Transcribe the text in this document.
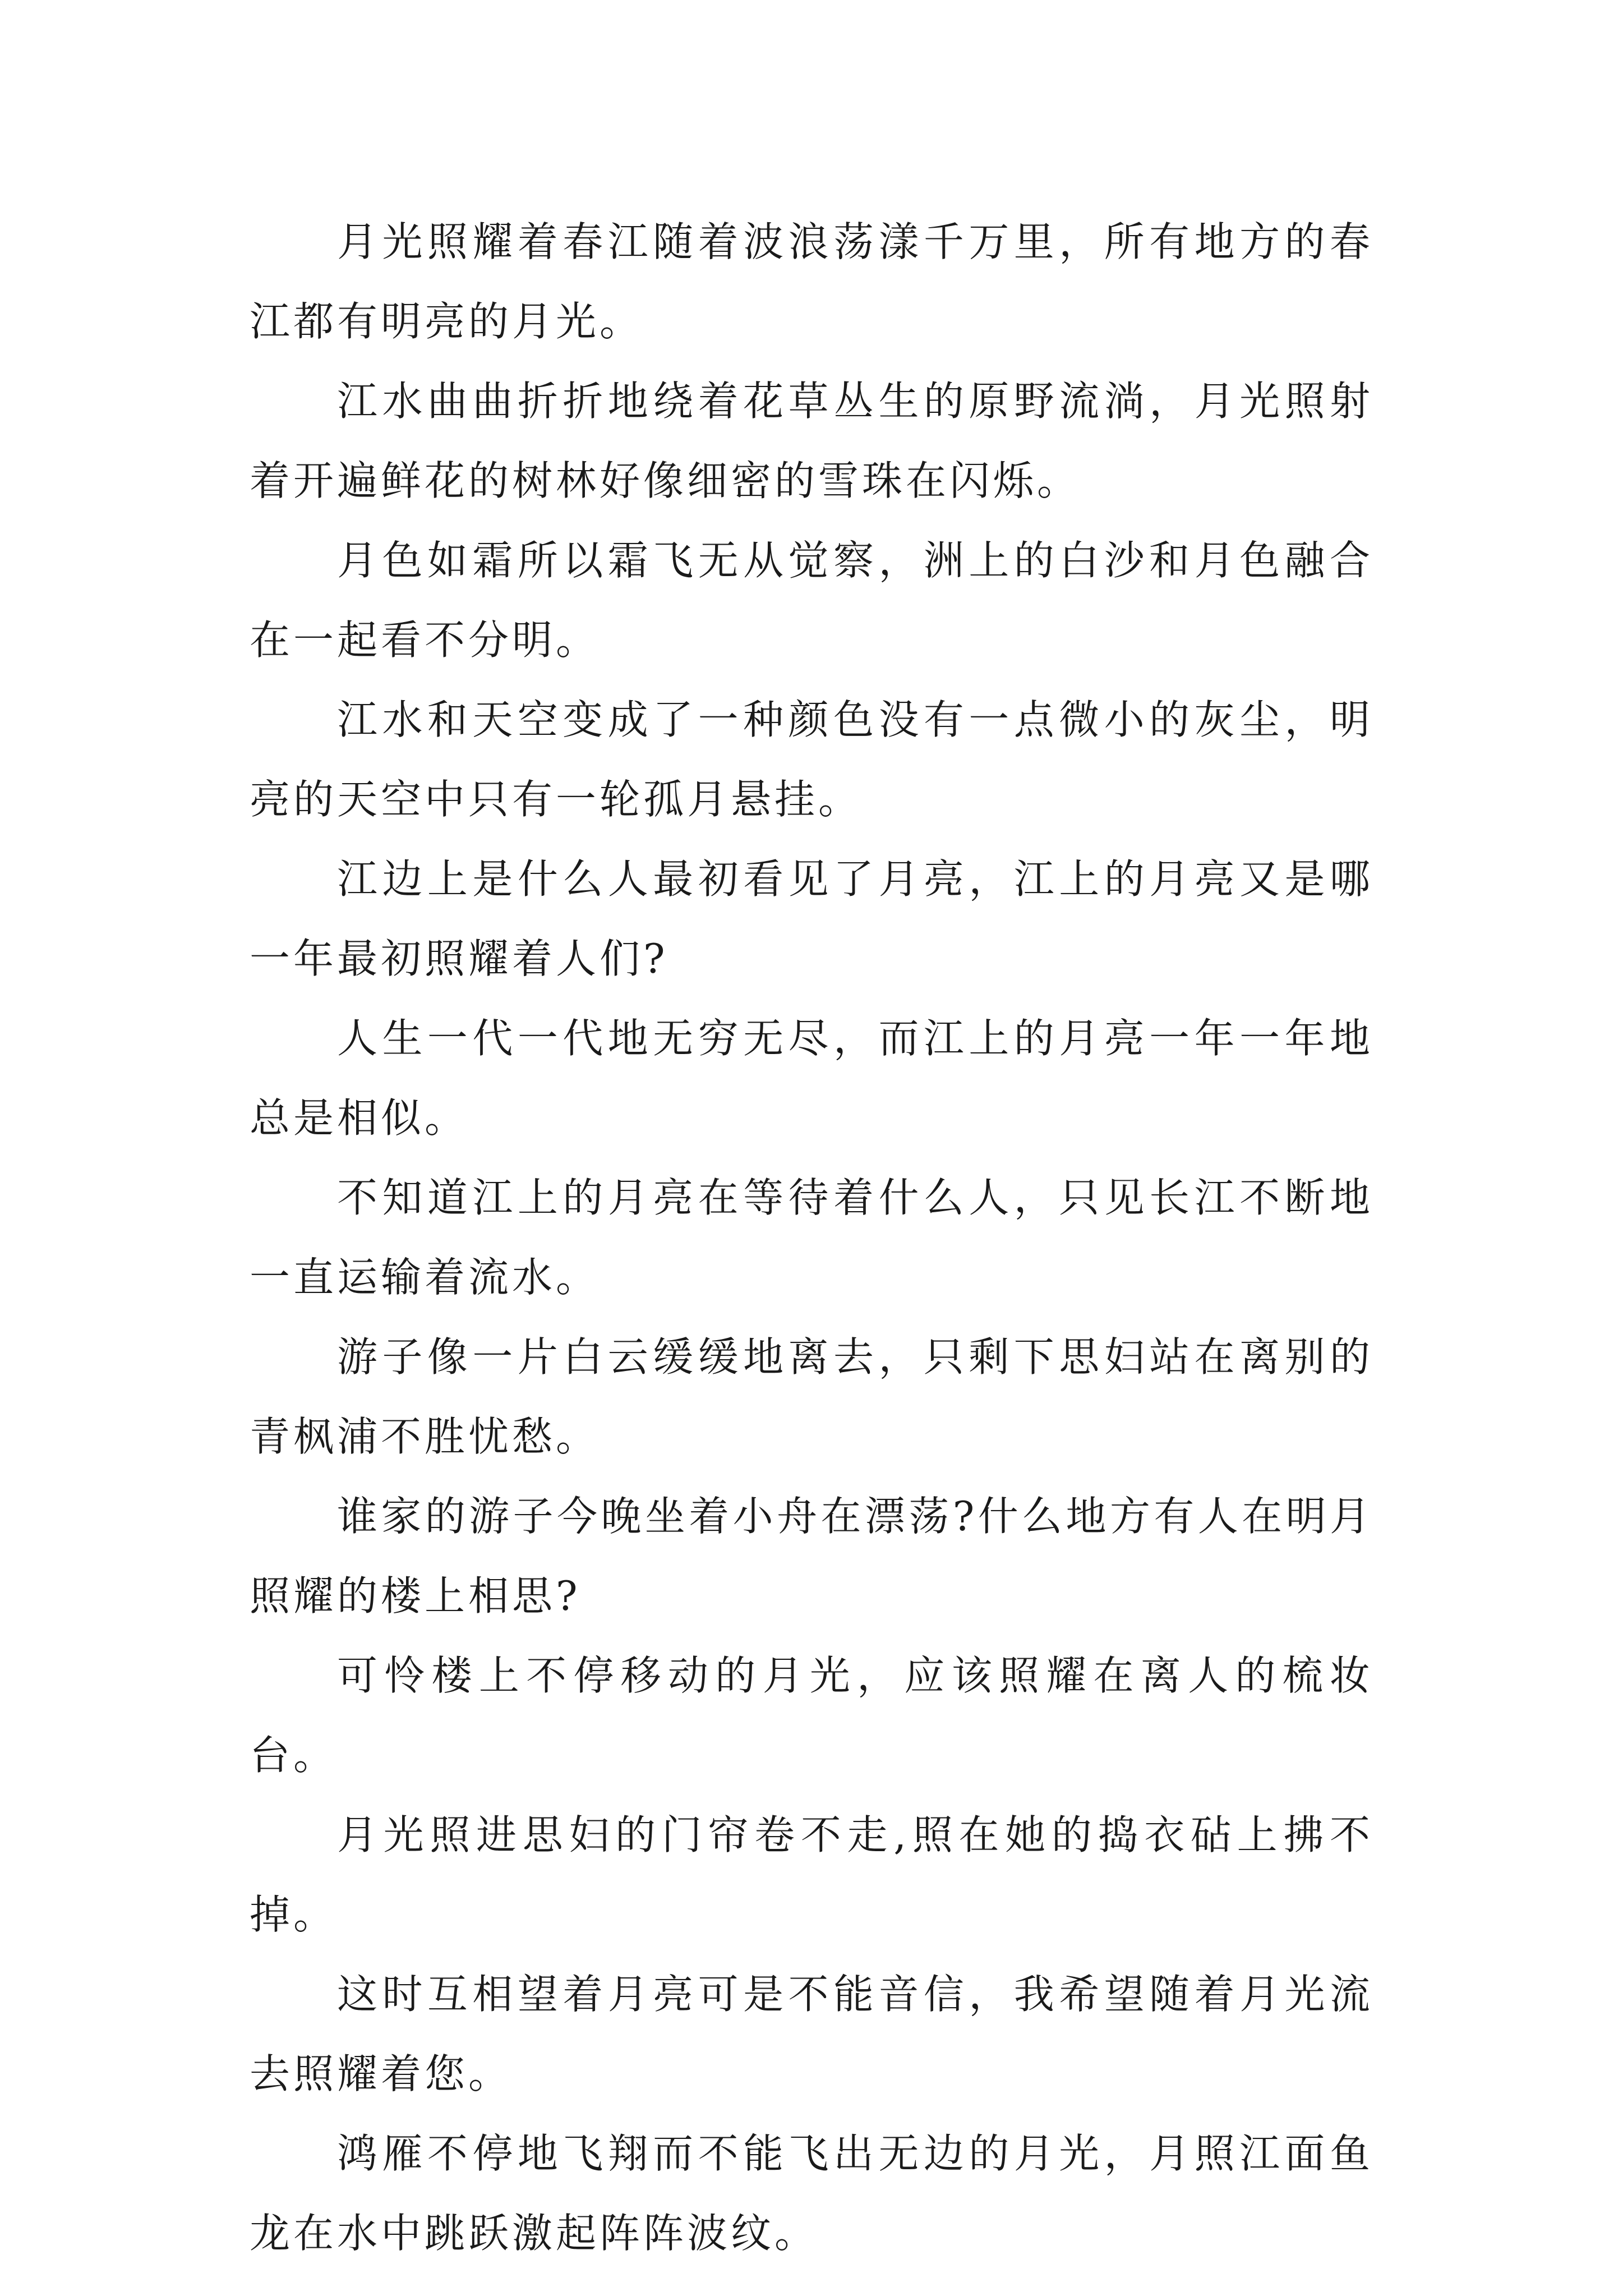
月光照耀着春江随着波浪荡漾千万里，所有地方的春江都有明亮的月光。

江水曲曲折折地绕着花草丛生的原野流淌，月光照射着开遍鲜花的树林好像细密的雪珠在闪烁。

月色如霜所以霜飞无从觉察，洲上的白沙和月色融合在一起看不分明。

江水和天空变成了一种颜色没有一点微小的灰尘，明亮的天空中只有一轮孤月悬挂。

江边上是什么人最初看见了月亮，江上的月亮又是哪一年最初照耀着人们?

人生一代一代地无穷无尽，而江上的月亮一年一年地总是相似。

不知道江上的月亮在等待着什么人，只见长江不断地一直运输着流水。

游子像一片白云缓缓地离去，只剩下思妇站在离别的青枫浦不胜忧愁。

谁家的游子今晚坐着小舟在漂荡?什么地方有人在明月照耀的楼上相思?

可怜楼上不停移动的月光，应该照耀在离人的梳妆台。

月光照进思妇的门帘卷不走,照在她的捣衣砧上拂不掉。

这时互相望着月亮可是不能音信，我希望随着月光流去照耀着您。

鸿雁不停地飞翔而不能飞出无边的月光，月照江面鱼龙在水中跳跃激起阵阵波纹。
